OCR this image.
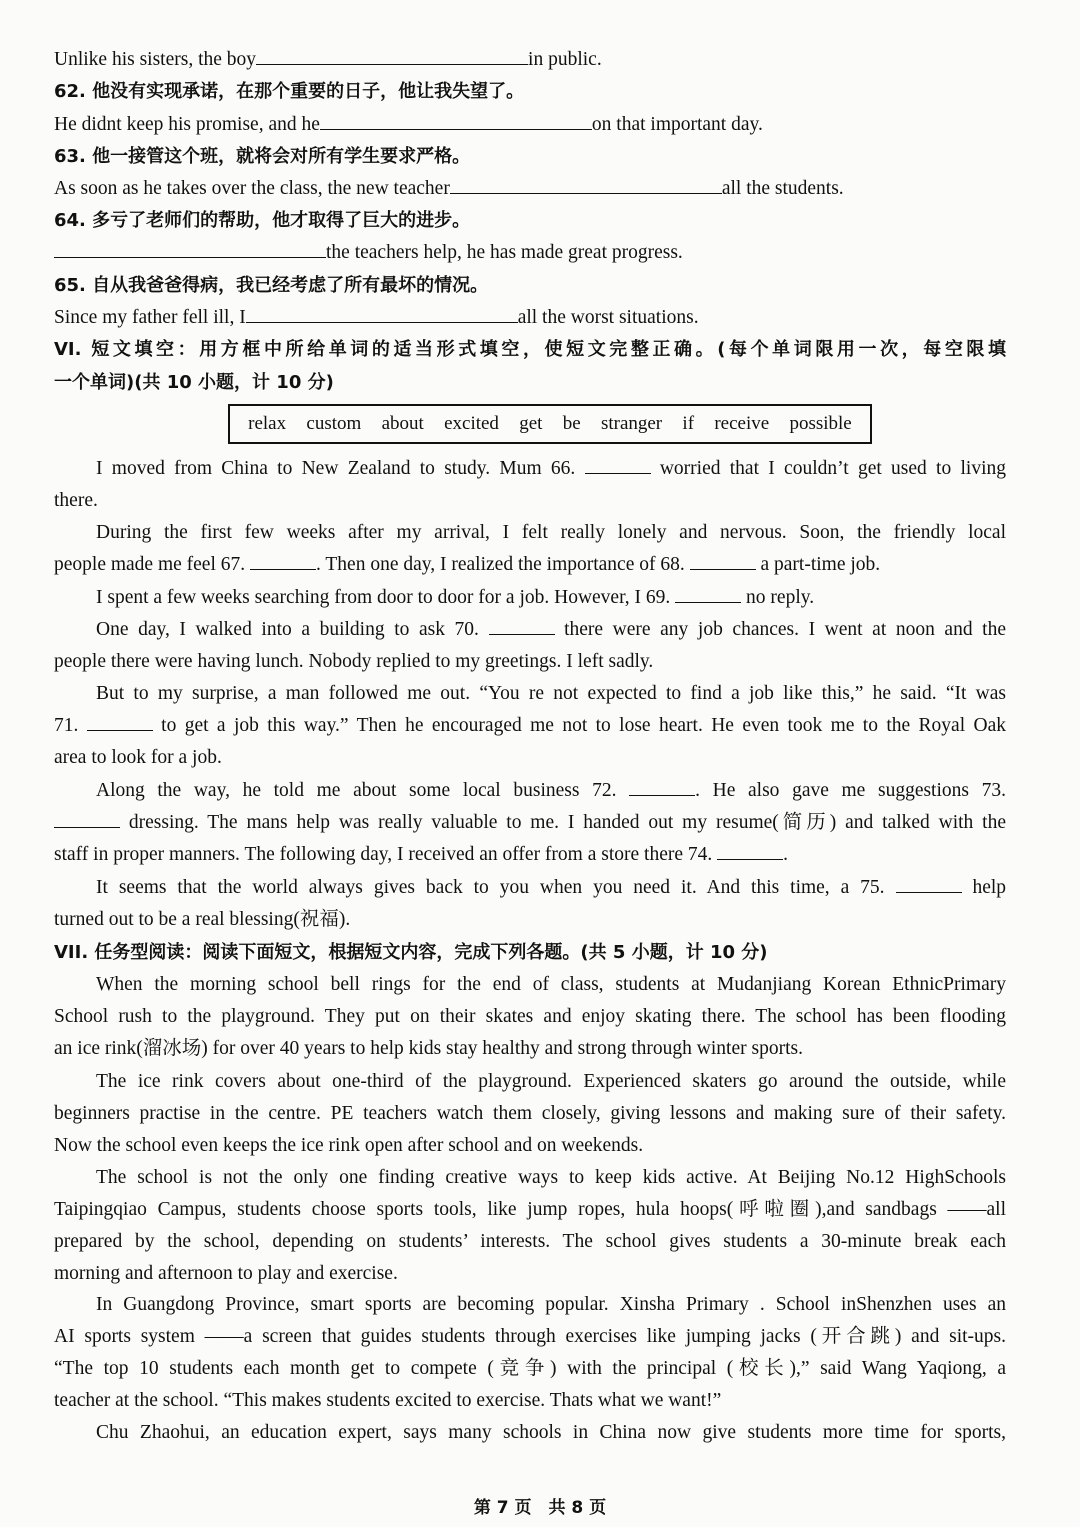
Unlike his sisters, the boy	in public.
62. 他没有实现承诺，在那个重要的日子，他让我失望了。
He didnt keep his promise, and he	on that important day.
63. 他一接管这个班，就将会对所有学生要求严格。
As soon as he takes over the class, the new teacher	all the students.
64. 多亏了老师们的帮助，他才取得了巨大的进步。
the teachers help, he has made great progress.
65. 自从我爸爸得病，我已经考虑了所有最坏的情况。
Since my father fell ill, I	all the worst situations.
VI. 短文填空：用方框中所给单词的适当形式填空，使短文完整正确。(每个单词限用一次，每空限填
一个单词)(共 10 小题，计 10 分)
relax custom about excited get be stranger if receive possible
I moved from China to New Zealand to study. Mum 66.	worried that I couldn’t get used to living
there.
During the first few weeks after my arrival, I felt really lonely and nervous. Soon, the friendly local
people made me feel 67.	. Then one day, I realized the importance of 68.	a part-time job.
I spent a few weeks searching from door to door for a job. However, I 69.	no reply.
One day, I walked into a building to ask 70.	there were any job chances. I went at noon and the
people there were having lunch. Nobody replied to my greetings. I left sadly.
But to my surprise, a man followed me out. “You re not expected to find a job like this,” he said. “It was
71.	to get a job this way.” Then he encouraged me not to lose heart. He even took me to the Royal Oak
area to look for a job.
Along the way, he told me about some local business 72.	. He also gave me suggestions 73.
dressing. The mans help was really valuable to me. I handed out my resume(简历) and talked with the
staff in proper manners. The following day, I received an offer from a store there 74.	.
It seems that the world always gives back to you when you need it. And this time, a 75.	help
turned out to be a real blessing(祝福).
VII. 任务型阅读：阅读下面短文，根据短文内容，完成下列各题。(共 5 小题，计 10 分)
When the morning school bell rings for the end of class, students at Mudanjiang Korean EthnicPrimary
School rush to the playground. They put on their skates and enjoy skating there. The school has been flooding
an ice rink(溜冰场) for over 40 years to help kids stay healthy and strong through winter sports.
The ice rink covers about one-third of the playground. Experienced skaters go around the outside, while
beginners practise in the centre. PE teachers watch them closely, giving lessons and making sure of their safety.
Now the school even keeps the ice rink open after school and on weekends.
The school is not the only one finding creative ways to keep kids active. At Beijing No.12 HighSchools
Taipingqiao Campus, students choose sports tools, like jump ropes, hula hoops(呼啦圈),and sandbags ——all
prepared by the school, depending on students’ interests. The school gives students a 30-minute break each
morning and afternoon to play and exercise.
In Guangdong Province, smart sports are becoming popular. Xinsha Primary . School inShenzhen uses an
AI sports system ——a screen that guides students through exercises like jumping jacks (开合跳) and sit-ups.
“The top 10 students each month get to compete (竞争) with the principal (校长),” said Wang Yaqiong, a
teacher at the school. “This makes students excited to exercise. Thats what we want!”
Chu Zhaohui, an education expert, says many schools in China now give students more time for sports,
第 7 页　共 8 页
